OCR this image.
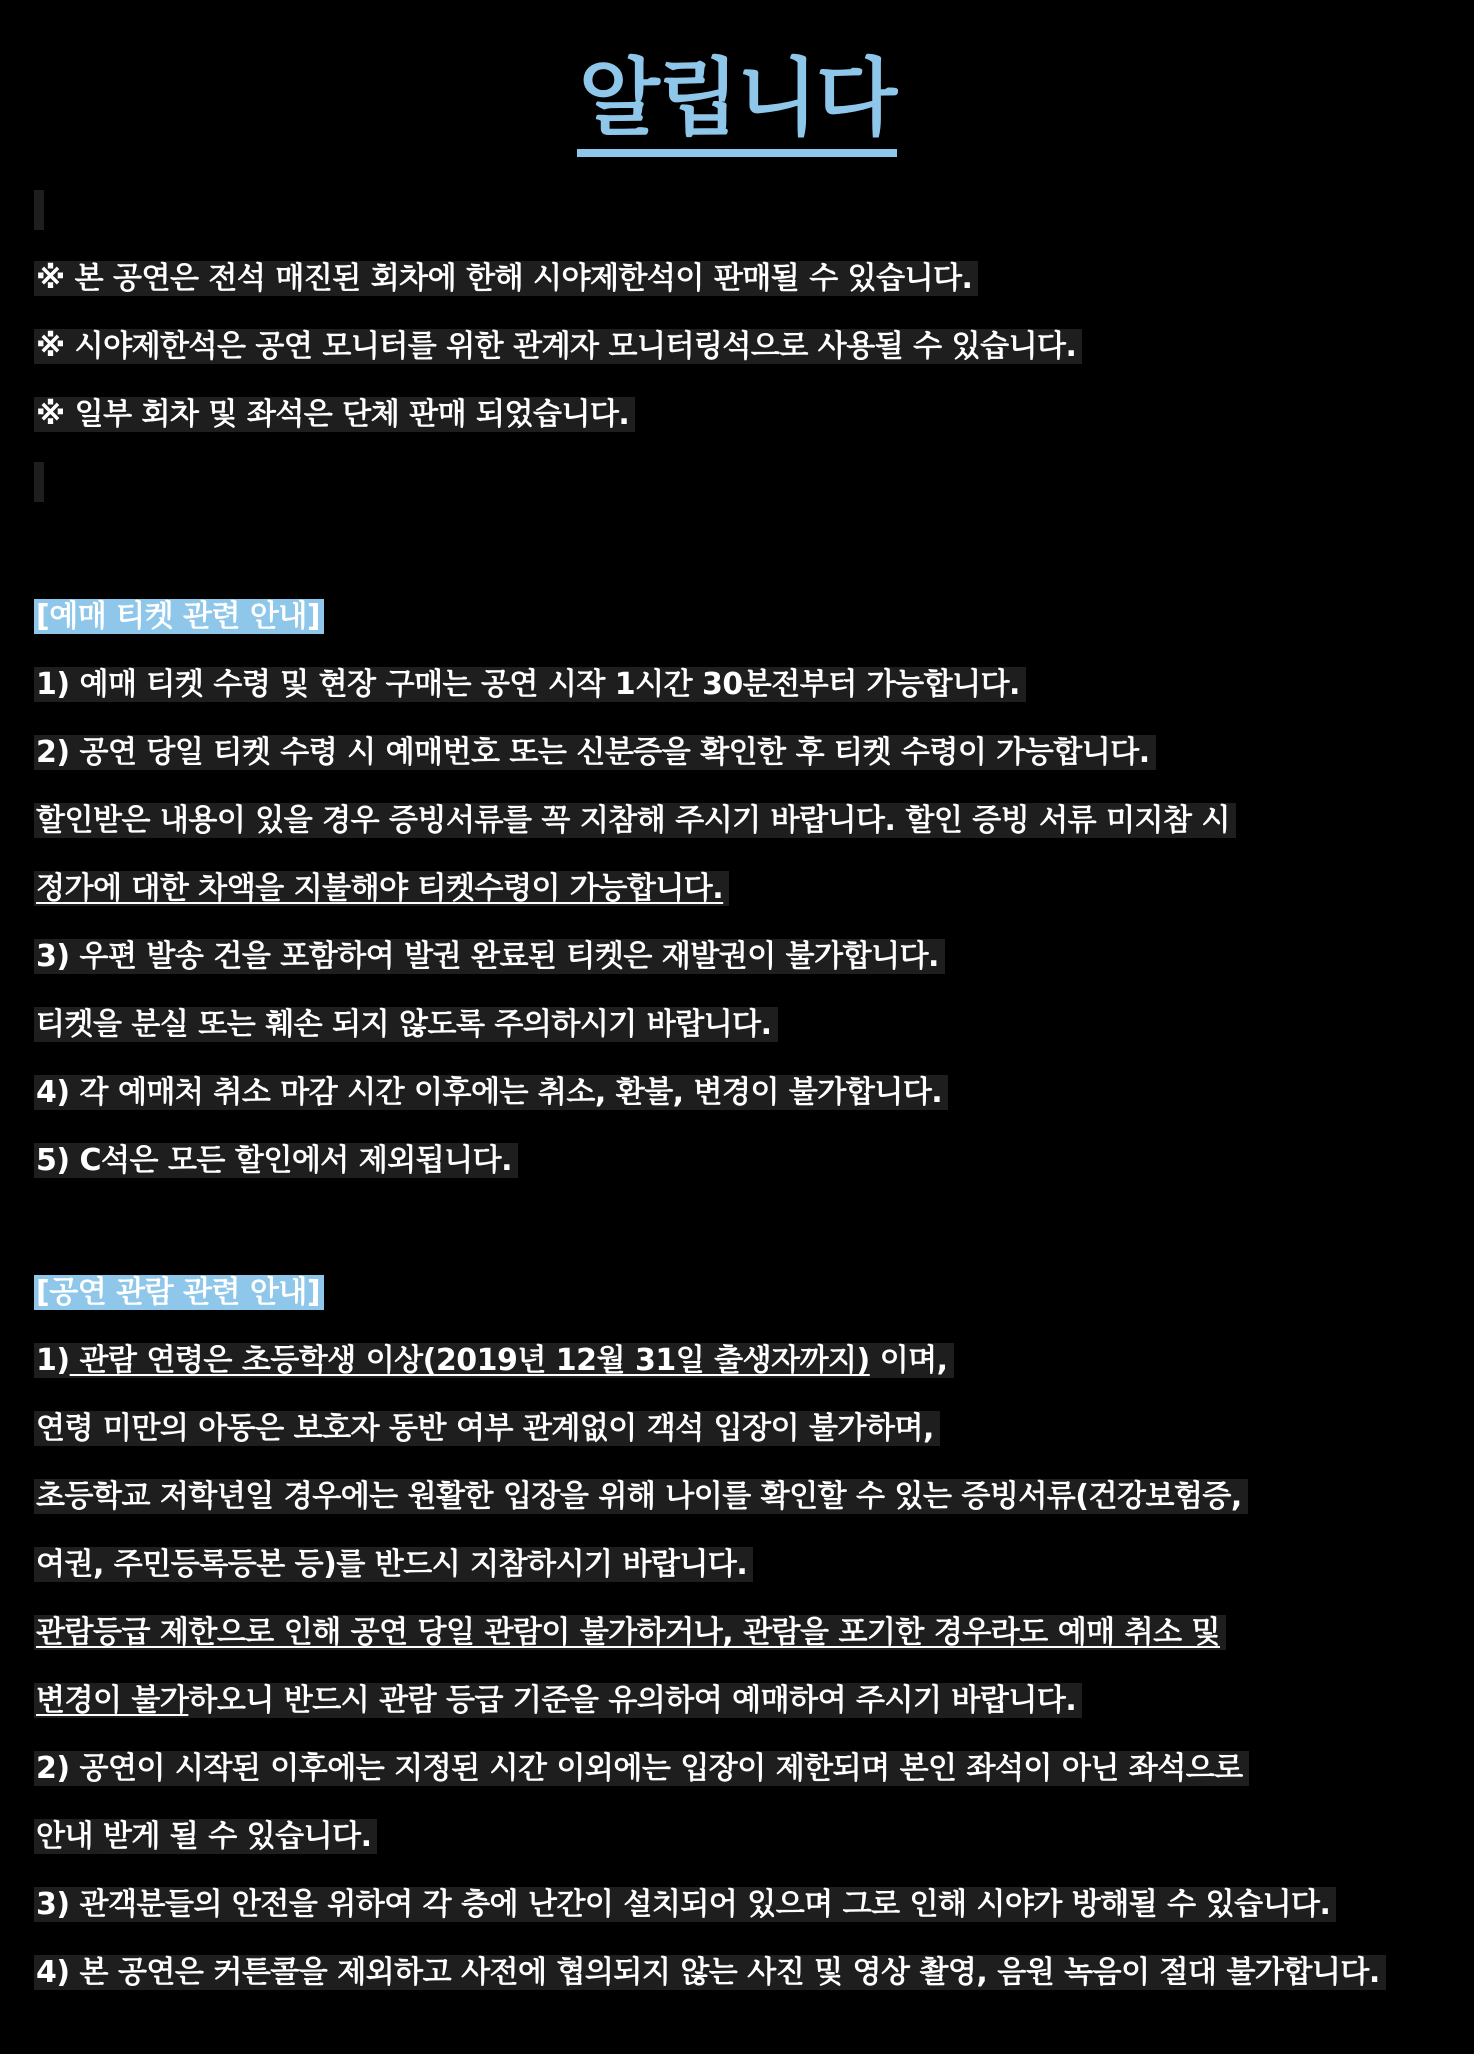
알립니다
※ 본 공연은 전석 매진된 회차에 한해 시야제한석이 판매될 수 있습니다.
※ 시야제한석은 공연 모니터를 위한 관계자 모니터링석으로 사용될 수 있습니다.
※ 일부 회차 및 좌석은 단체 판매 되었습니다.
[예매 티켓 관련 안내]
1) 예매 티켓 수령 및 현장 구매는 공연 시작 1시간 30분전부터 가능합니다.
2) 공연 당일 티켓 수령 시 예매번호 또는 신분증을 확인한 후 티켓 수령이 가능합니다.
할인받은 내용이 있을 경우 증빙서류를 꼭 지참해 주시기 바랍니다. 할인 증빙 서류 미지참 시
정가에 대한 차액을 지불해야 티켓수령이 가능합니다.
3) 우편 발송 건을 포함하여 발권 완료된 티켓은 재발권이 불가합니다.
티켓을 분실 또는 훼손 되지 않도록 주의하시기 바랍니다.
4) 각 예매처 취소 마감 시간 이후에는 취소, 환불, 변경이 불가합니다.
5) C석은 모든 할인에서 제외됩니다.
[공연 관람 관련 안내]
1) 관람 연령은 초등학생 이상(2019년 12월 31일 출생자까지) 이며,
연령 미만의 아동은 보호자 동반 여부 관계없이 객석 입장이 불가하며,
초등학교 저학년일 경우에는 원활한 입장을 위해 나이를 확인할 수 있는 증빙서류(건강보험증,
여권, 주민등록등본 등)를 반드시 지참하시기 바랍니다.
관람등급 제한으로 인해 공연 당일 관람이 불가하거나, 관람을 포기한 경우라도 예매 취소 및
변경이 불가하오니 반드시 관람 등급 기준을 유의하여 예매하여 주시기 바랍니다.
2) 공연이 시작된 이후에는 지정된 시간 이외에는 입장이 제한되며 본인 좌석이 아닌 좌석으로
안내 받게 될 수 있습니다.
3) 관객분들의 안전을 위하여 각 층에 난간이 설치되어 있으며 그로 인해 시야가 방해될 수 있습니다.
4) 본 공연은 커튼콜을 제외하고 사전에 협의되지 않는 사진 및 영상 촬영, 음원 녹음이 절대 불가합니다.
